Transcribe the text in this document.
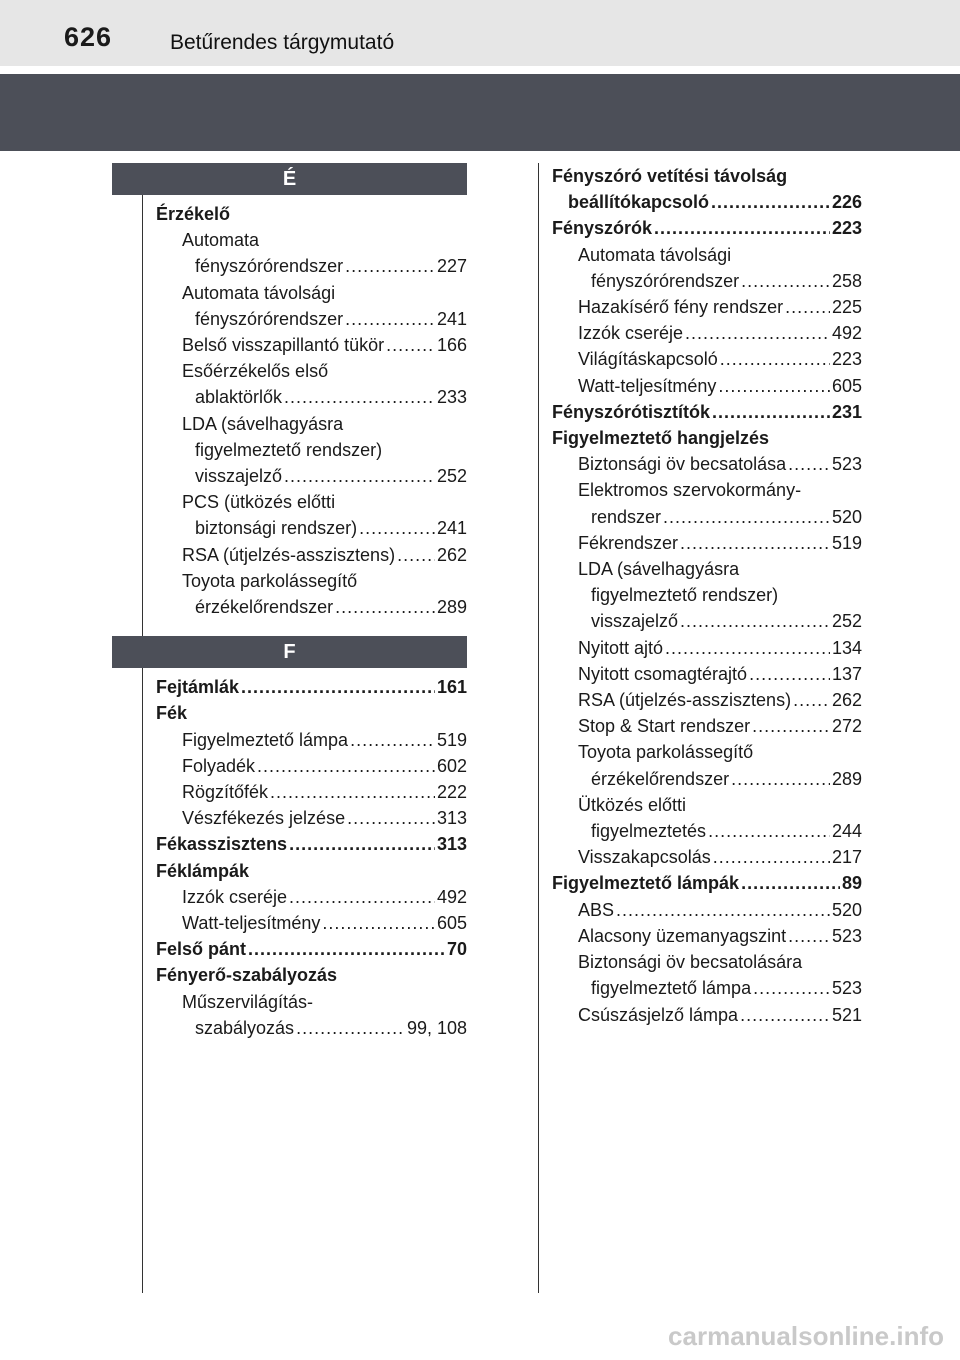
626	Betűrendes tárgymutató
É
Érzékelő
Automata
fényszórórendszer .....	227
Automata távolsági
fényszórórendszer .....	241
Belső visszapillantó tükör .....	166
Esőérzékelős első
ablaktörlők .....	233
LDA (sávelhagyásra
figyelmeztető rendszer)
visszajelző .....	252
PCS (ütközés előtti
biztonsági rendszer) .....	241
RSA (útjelzés-asszisztens) ..... 262
Toyota parkolássegítő
érzékelőrendszer .....	289
F
Fejtámlák .....	161
Fék
Figyelmeztető lámpa .....	519
Folyadék .....	602
Rögzítőfék .....	222
Vészfékezés jelzése .....	313
Fékasszisztens .....	313
Féklámpák
Izzók cseréje .....	492
Watt-teljesítmény .....	605
Felső pánt .....	70
Fényerő-szabályozás
Műszervilágítás-
szabályozás .....	99, 108
Fényszóró vetítési távolság
beállítókapcsoló .....	226
Fényszórók .....	223
Automata távolsági
fényszórórendszer .....	258
Hazakísérő fény rendszer .....	225
Izzók cseréje .....	492
Világításkapcsoló .....	223
Watt-teljesítmény .....	605
Fényszórótisztítók .....	231
Figyelmeztető hangjelzés
Biztonsági öv becsatolása .....	523
Elektromos szervokormány-
rendszer .....	520
Fékrendszer .....	519
LDA (sávelhagyásra
figyelmeztető rendszer)
visszajelző .....	252
Nyitott ajtó .....	134
Nyitott csomagtérajtó .....	137
RSA (útjelzés-asszisztens) ..... 262
Stop & Start rendszer .....	272
Toyota parkolássegítő
érzékelőrendszer .....	289
Ütközés előtti
figyelmeztetés .....	244
Visszakapcsolás .....	217
Figyelmeztető lámpák .....	89
ABS .....	520
Alacsony üzemanyagszint .....	523
Biztonsági öv becsatolására
figyelmeztető lámpa .....	523
Csúszásjelző lámpa .....	521
carmanualsonline.info
